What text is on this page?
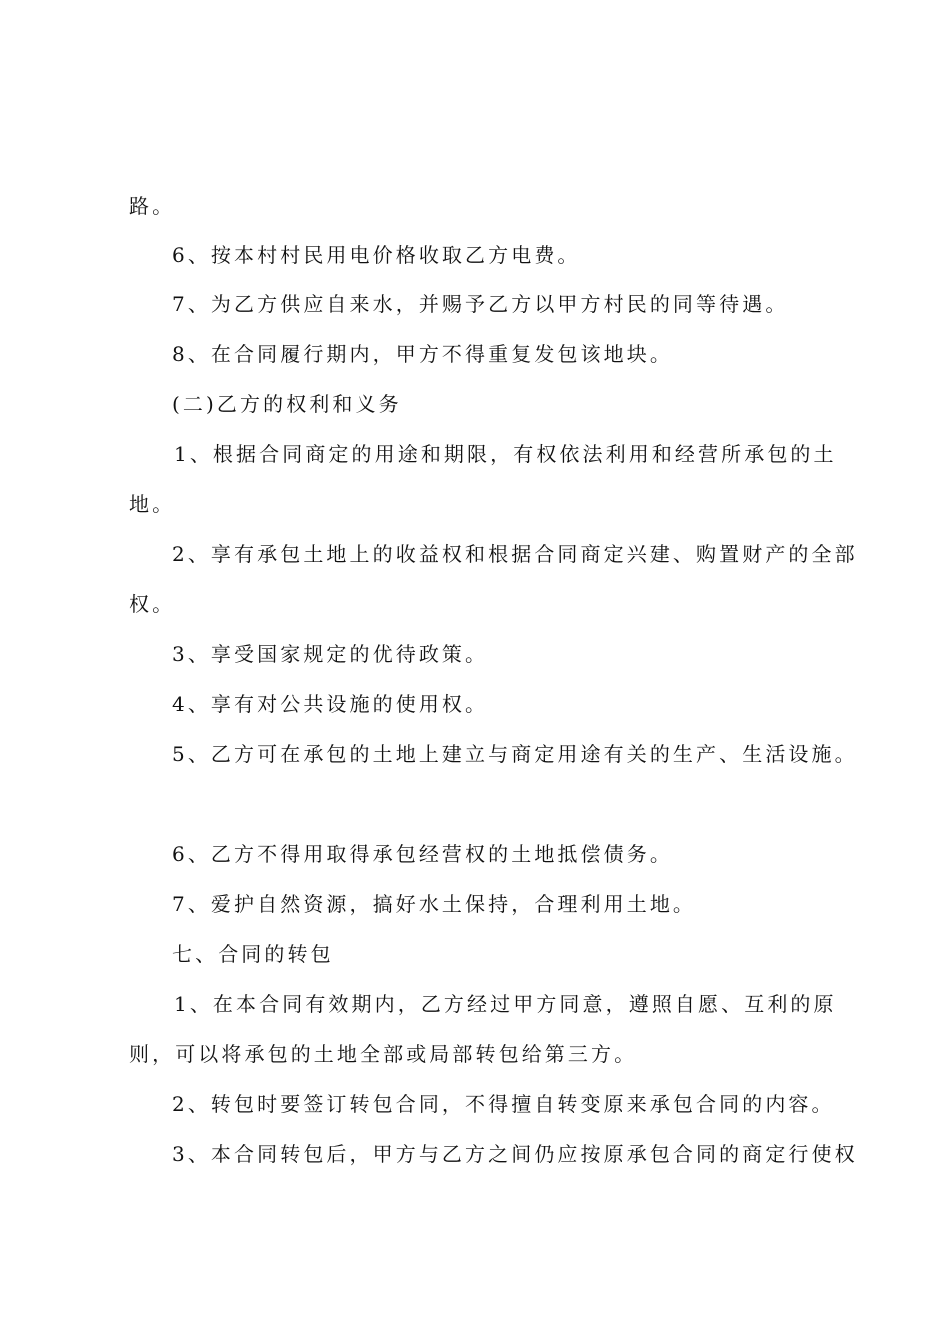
路。
6、按本村村民用电价格收取乙方电费。
7、为乙方供应自来水，并赐予乙方以甲方村民的同等待遇。
8、在合同履行期内，甲方不得重复发包该地块。
(二)乙方的权利和义务
1、根据合同商定的用途和期限，有权依法利用和经营所承包的土
地。
2、享有承包土地上的收益权和根据合同商定兴建、购置财产的全部
权。
3、享受国家规定的优待政策。
4、享有对公共设施的使用权。
5、乙方可在承包的土地上建立与商定用途有关的生产、生活设施。
6、乙方不得用取得承包经营权的土地抵偿债务。
7、爱护自然资源，搞好水土保持，合理利用土地。
七、合同的转包
1、在本合同有效期内，乙方经过甲方同意，遵照自愿、互利的原
则，可以将承包的土地全部或局部转包给第三方。
2、转包时要签订转包合同，不得擅自转变原来承包合同的内容。
3、本合同转包后，甲方与乙方之间仍应按原承包合同的商定行使权
